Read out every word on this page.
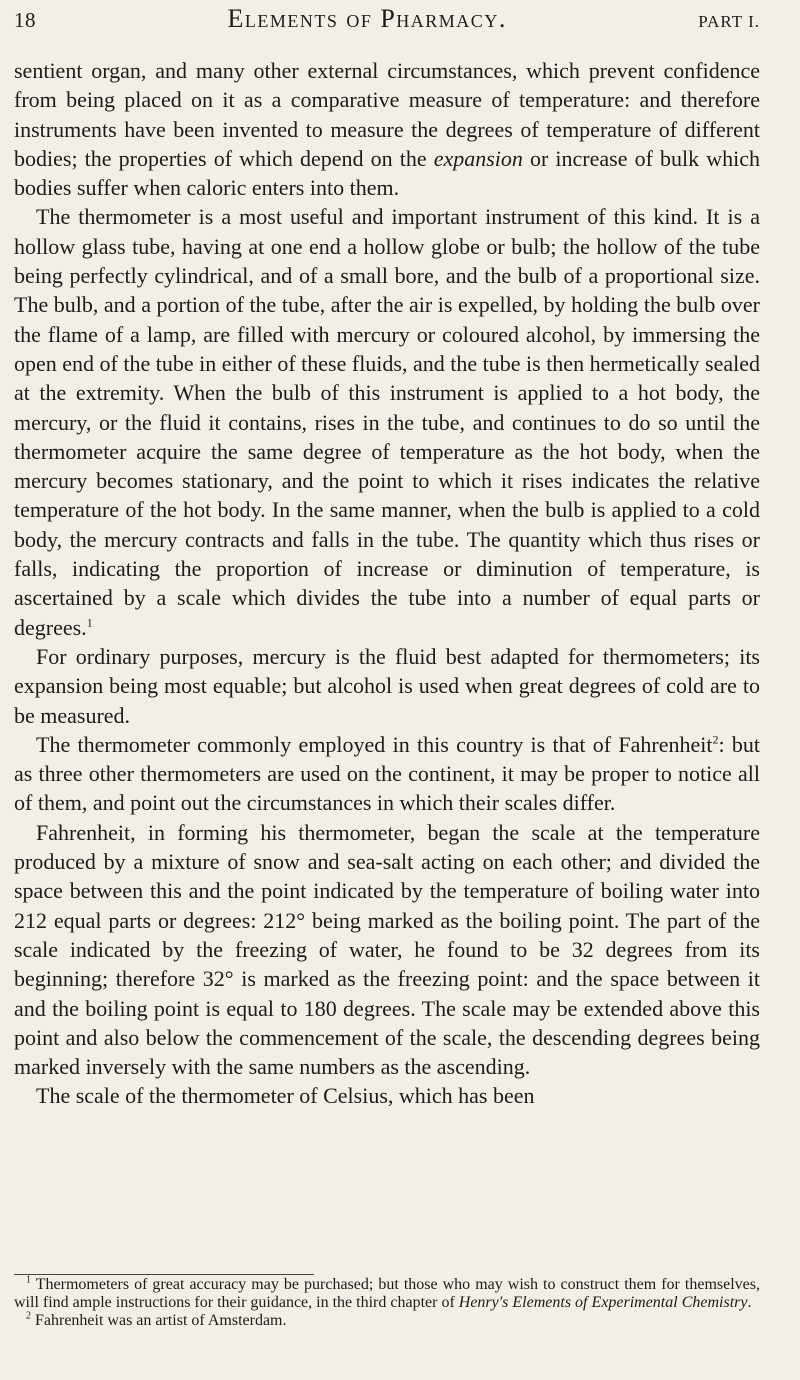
18	Elements of Pharmacy.	PART I.

sentient organ, and many other external circumstances, which prevent confidence from being placed on it as a comparative measure of temperature: and therefore instruments have been invented to measure the degrees of temperature of different bodies; the properties of which depend on the expansion or increase of bulk which bodies suffer when caloric enters into them.

The thermometer is a most useful and important instrument of this kind. It is a hollow glass tube, having at one end a hollow globe or bulb; the hollow of the tube being perfectly cylindrical, and of a small bore, and the bulb of a proportional size. The bulb, and a portion of the tube, after the air is expelled, by holding the bulb over the flame of a lamp, are filled with mercury or coloured alcohol, by immersing the open end of the tube in either of these fluids, and the tube is then hermetically sealed at the extremity. When the bulb of this instrument is applied to a hot body, the mercury, or the fluid it contains, rises in the tube, and continues to do so until the thermometer acquire the same degree of temperature as the hot body, when the mercury becomes stationary, and the point to which it rises indicates the relative temperature of the hot body. In the same manner, when the bulb is applied to a cold body, the mercury contracts and falls in the tube. The quantity which thus rises or falls, indicating the proportion of increase or diminution of temperature, is ascertained by a scale which divides the tube into a number of equal parts or degrees.$^1$

For ordinary purposes, mercury is the fluid best adapted for thermometers; its expansion being most equable; but alcohol is used when great degrees of cold are to be measured.

The thermometer commonly employed in this country is that of Fahrenheit$^2$: but as three other thermometers are used on the continent, it may be proper to notice all of them, and point out the circumstances in which their scales differ.

Fahrenheit, in forming his thermometer, began the scale at the temperature produced by a mixture of snow and sea-salt acting on each other; and divided the space between this and the point indicated by the temperature of boiling water into 212 equal parts or degrees: 212° being marked as the boiling point. The part of the scale indicated by the freezing of water, he found to be 32 degrees from its beginning; therefore 32° is marked as the freezing point: and the space between it and the boiling point is equal to 180 degrees. The scale may be extended above this point and also below the commencement of the scale, the descending degrees being marked inversely with the same numbers as the ascending.

The scale of the thermometer of Celsius, which has been

$^1$ Thermometers of great accuracy may be purchased; but those who may wish to construct them for themselves, will find ample instructions for their guidance, in the third chapter of Henry's Elements of Experimental Chemistry.

$^2$ Fahrenheit was an artist of Amsterdam.
